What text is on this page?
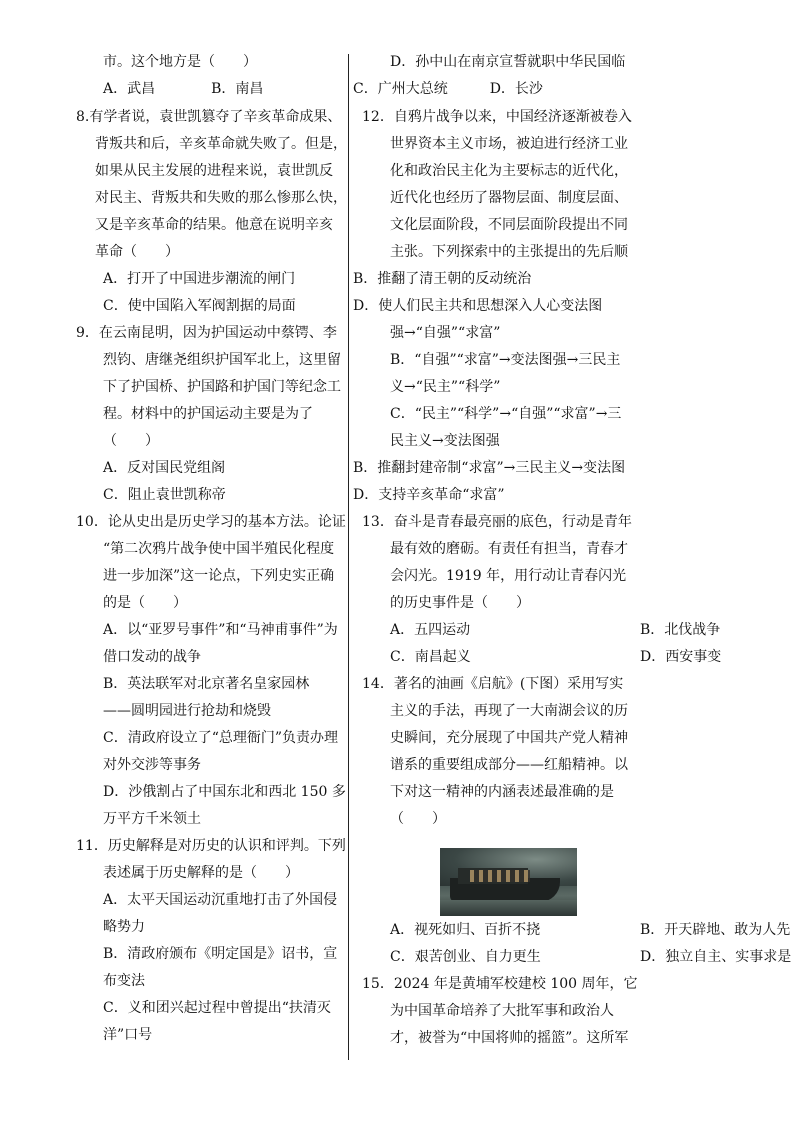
市。这个地方是（　　）
A．武昌　　　　B．南昌
8.有学者说，袁世凯篡夺了辛亥革命成果、
背叛共和后，辛亥革命就失败了。但是，
如果从民主发展的进程来说，袁世凯反
对民主、背叛共和失败的那么惨那么快，
又是辛亥革命的结果。他意在说明辛亥
革命（　　）
A．打开了中国进步潮流的闸门
C．使中国陷入军阀割据的局面
9．在云南昆明，因为护国运动中蔡锷、李
烈钧、唐继尧组织护国军北上，这里留
下了护国桥、护国路和护国门等纪念工
程。材料中的护国运动主要是为了
（　　）
A．反对国民党组阁
C．阻止袁世凯称帝
10．论从史出是历史学习的基本方法。论证
“第二次鸦片战争使中国半殖民化程度
进一步加深”这一论点，下列史实正确
的是（　　）
A．以“亚罗号事件”和“马神甫事件”为
借口发动的战争
B．英法联军对北京著名皇家园林
——圆明园进行抢劫和烧毁
C．清政府设立了“总理衙门”负责办理
对外交涉等事务
D．沙俄割占了中国东北和西北 150 多
万平方千米领土
11．历史解释是对历史的认识和评判。下列
表述属于历史解释的是（　　）
A．太平天国运动沉重地打击了外国侵
略势力
B．清政府颁布《明定国是》诏书，宣
布变法
C．义和团兴起过程中曾提出“扶清灭
洋”口号
D．孙中山在南京宣誓就职中华民国临
C．广州大总统　　　D．长沙
12．自鸦片战争以来，中国经济逐渐被卷入
世界资本主义市场，被迫进行经济工业
化和政治民主化为主要标志的近代化，
近代化也经历了器物层面、制度层面、
文化层面阶段，不同层面阶段提出不同
主张。下列探索中的主张提出的先后顺
B．推翻了清王朝的反动统治
D．使人们民主共和思想深入人心变法图
强→“自强”“求富”
B．“自强”“求富”→变法图强→三民主
义→“民主”“科学”
C．“民主”“科学”→“自强”“求富”→三
民主义→变法图强
B．推翻封建帝制“求富”→三民主义→变法图
D．支持辛亥革命“求富”
13．奋斗是青春最亮丽的底色，行动是青年
最有效的磨砺。有责任有担当，青春才
会闪光。1919 年，用行动让青春闪光
的历史事件是（　　）
A．五四运动	B．北伐战争
C．南昌起义	D．西安事变
14．著名的油画《启航》(下图）采用写实
主义的手法，再现了一大南湖会议的历
史瞬间，充分展现了中国共产党人精神
谱系的重要组成部分——红船精神。以
下对这一精神的内涵表述最准确的是
（　　）
A．视死如归、百折不挠	B．开天辟地、敢为人先
C．艰苦创业、自力更生	D．独立自主、实事求是
15．2024 年是黄埔军校建校 100 周年，它
为中国革命培养了大批军事和政治人
才，被誉为“中国将帅的摇篮”。这所军
